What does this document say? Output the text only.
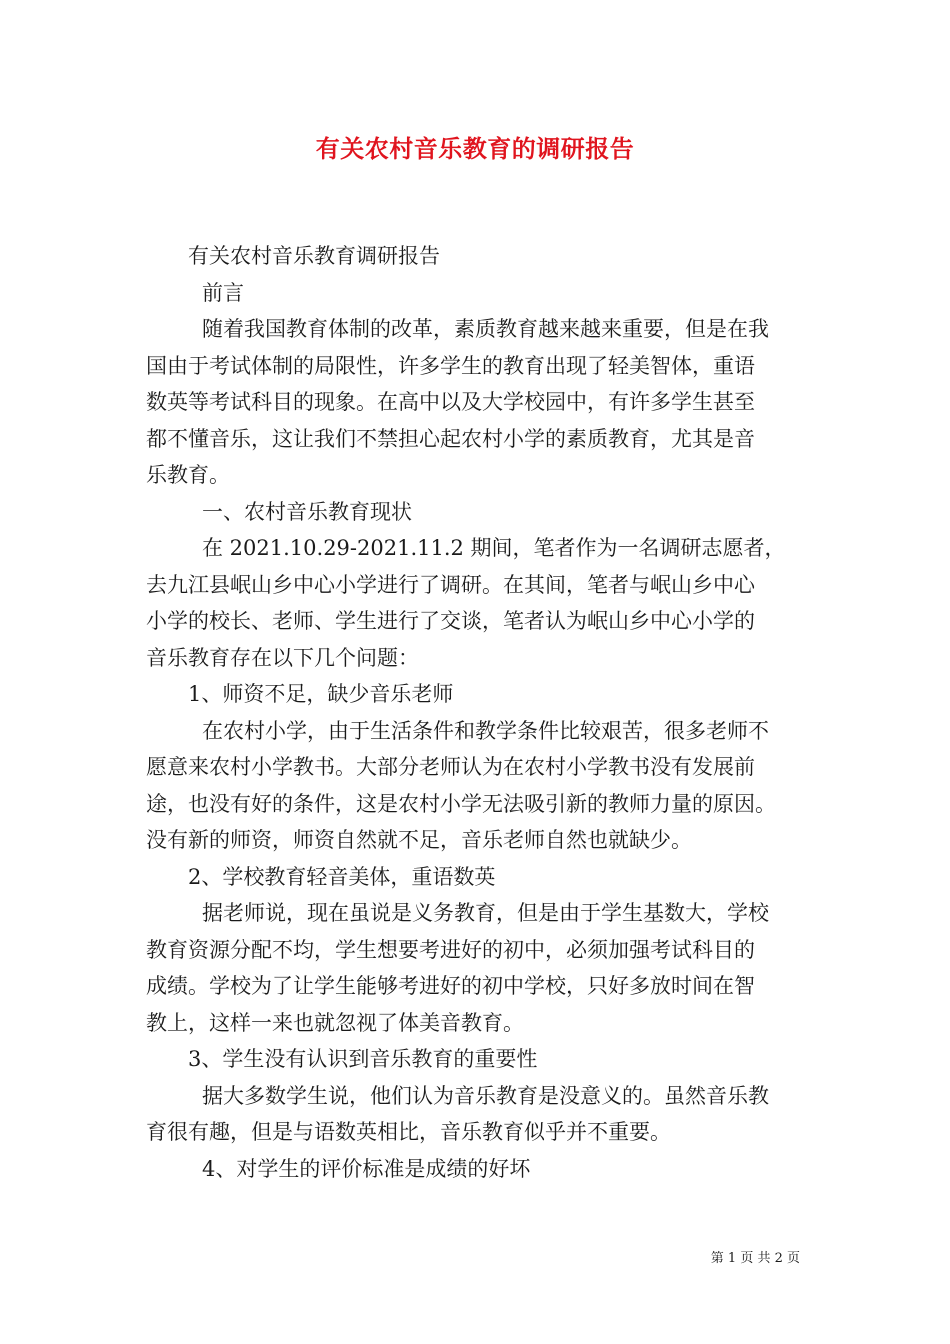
有关农村音乐教育的调研报告
有关农村音乐教育调研报告
前言
随着我国教育体制的改革，素质教育越来越来重要，但是在我
国由于考试体制的局限性，许多学生的教育出现了轻美智体，重语
数英等考试科目的现象。在高中以及大学校园中，有许多学生甚至
都不懂音乐，这让我们不禁担心起农村小学的素质教育，尤其是音
乐教育。
一、农村音乐教育现状
在 2021.10.29-2021.11.2 期间，笔者作为一名调研志愿者，
去九江县岷山乡中心小学进行了调研。在其间，笔者与岷山乡中心
小学的校长、老师、学生进行了交谈，笔者认为岷山乡中心小学的
音乐教育存在以下几个问题：
1、师资不足，缺少音乐老师
在农村小学，由于生活条件和教学条件比较艰苦，很多老师不
愿意来农村小学教书。大部分老师认为在农村小学教书没有发展前
途，也没有好的条件，这是农村小学无法吸引新的教师力量的原因。
没有新的师资，师资自然就不足，音乐老师自然也就缺少。
2、学校教育轻音美体，重语数英
据老师说，现在虽说是义务教育，但是由于学生基数大，学校
教育资源分配不均，学生想要考进好的初中，必须加强考试科目的
成绩。学校为了让学生能够考进好的初中学校，只好多放时间在智
教上，这样一来也就忽视了体美音教育。
3、学生没有认识到音乐教育的重要性
据大多数学生说，他们认为音乐教育是没意义的。虽然音乐教
育很有趣，但是与语数英相比，音乐教育似乎并不重要。
4、对学生的评价标准是成绩的好坏
第 1 页 共 2 页
